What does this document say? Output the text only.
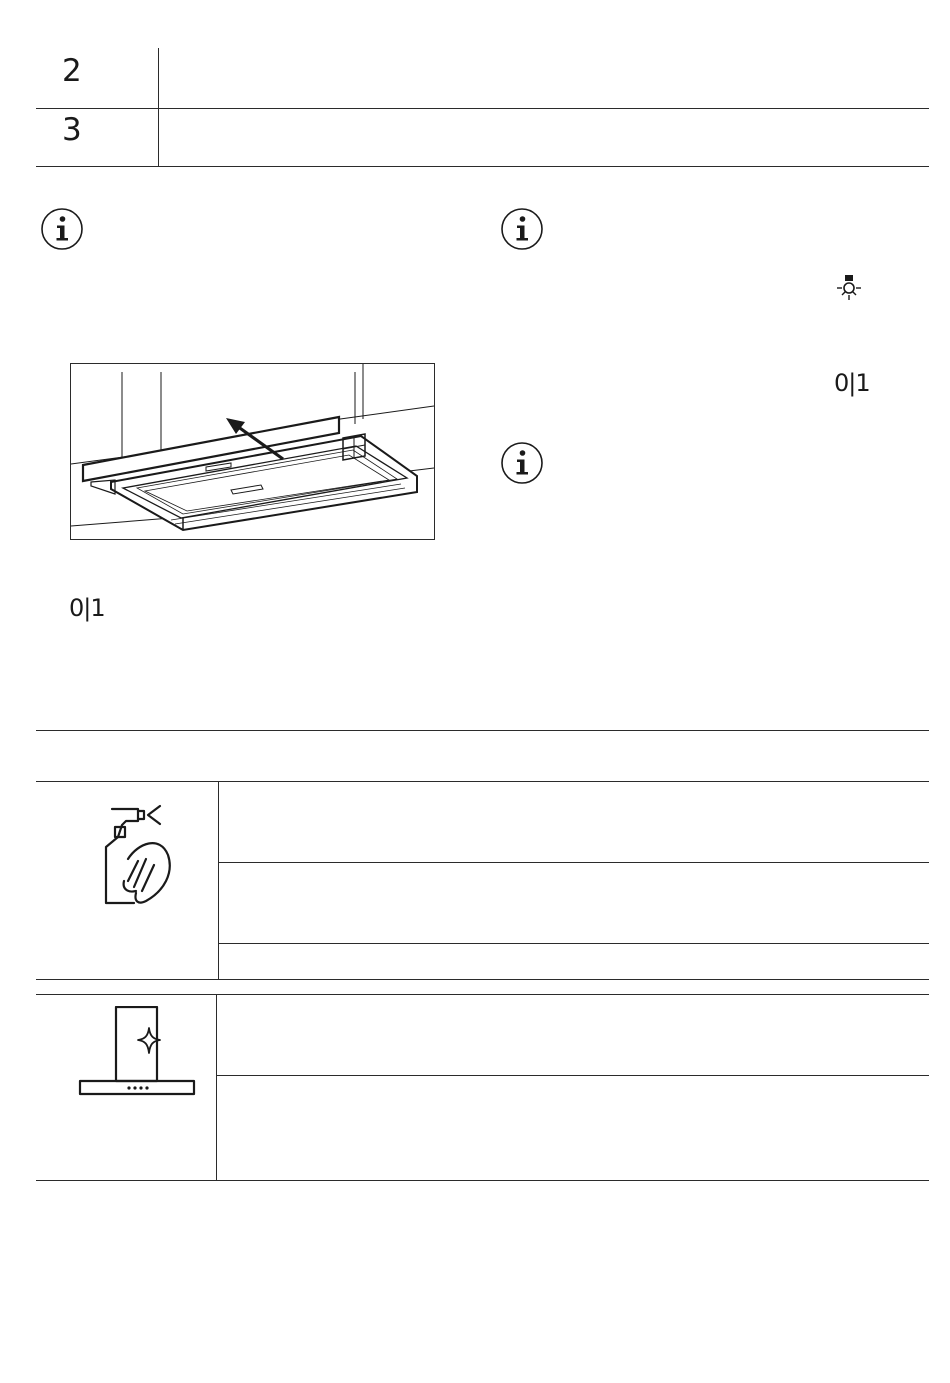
2
3
0|1
0|1
